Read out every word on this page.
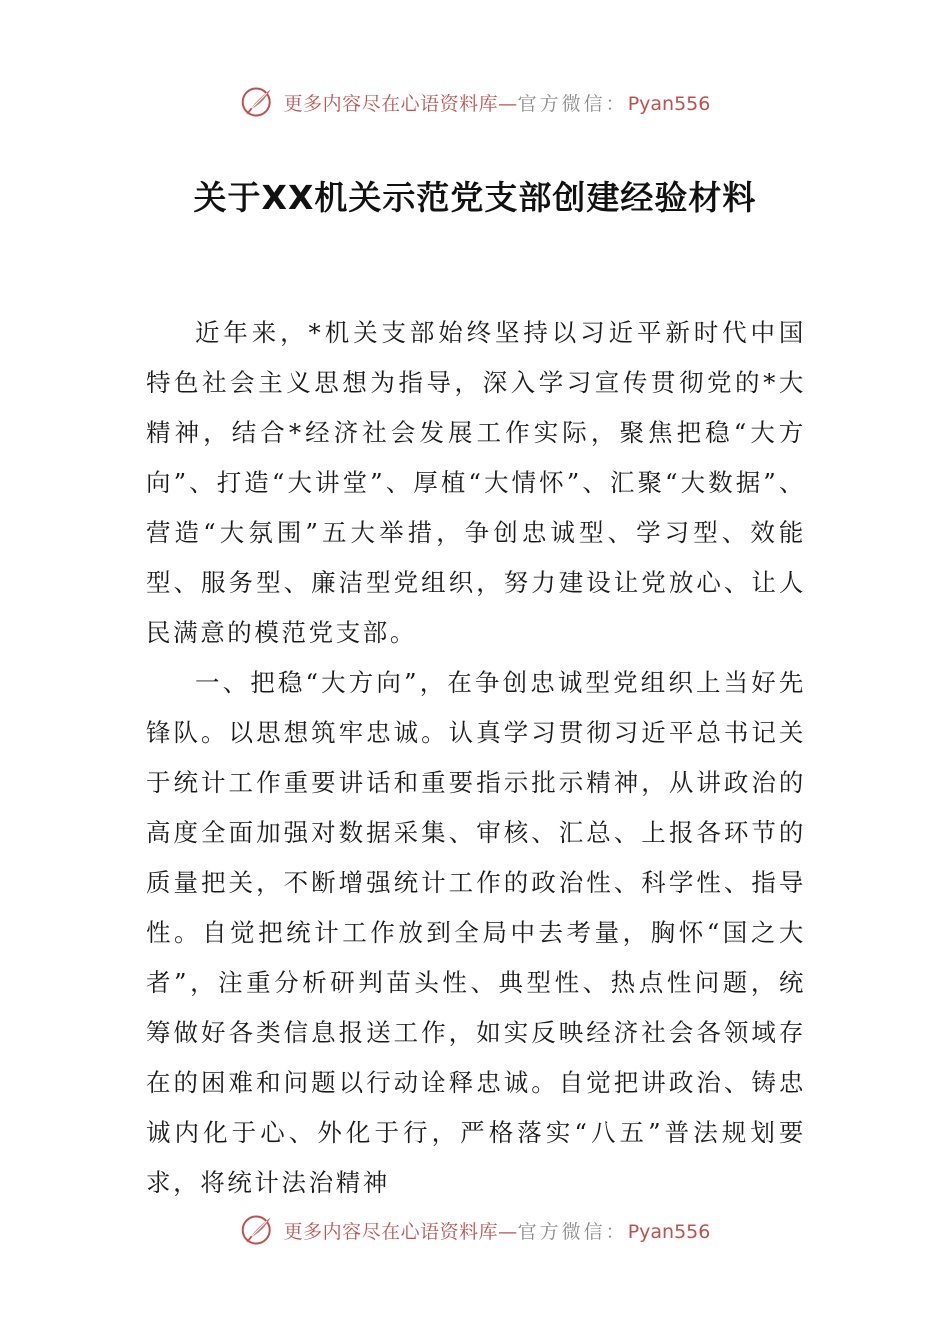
更多内容尽在心语资料库—官方微信：Pyan556
关于XX机关示范党支部创建经验材料

近年来，*机关支部始终坚持以习近平新时代中国特色社会主义思想为指导，深入学习宣传贯彻党的*大精神，结合*经济社会发展工作实际，聚焦把稳“大方向”、打造“大讲堂”、厚植“大情怀”、汇聚“大数据”、营造“大氛围”五大举措，争创忠诚型、学习型、效能型、服务型、廉洁型党组织，努力建设让党放心、让人民满意的模范党支部。

一、把稳“大方向”，在争创忠诚型党组织上当好先锋队。以思想筑牢忠诚。认真学习贯彻习近平总书记关于统计工作重要讲话和重要指示批示精神，从讲政治的高度全面加强对数据采集、审核、汇总、上报各环节的质量把关，不断增强统计工作的政治性、科学性、指导性。自觉把统计工作放到全局中去考量，胸怀“国之大者”，注重分析研判苗头性、典型性、热点性问题，统筹做好各类信息报送工作，如实反映经济社会各领域存在的困难和问题以行动诠释忠诚。自觉把讲政治、铸忠诚内化于心、外化于行，严格落实“八五”普法规划要求，将统计法治精神

更多内容尽在心语资料库—官方微信：Pyan556
